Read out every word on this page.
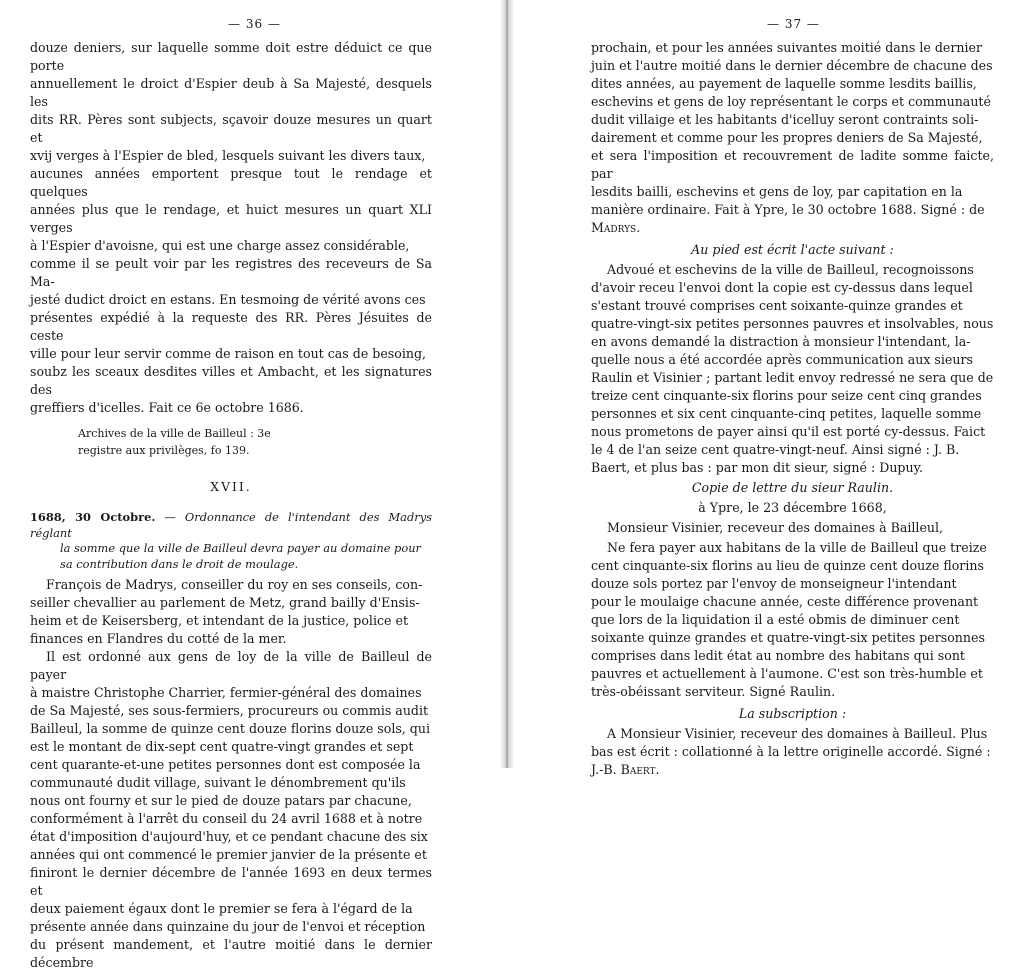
— 36 —

douze deniers, sur laquelle somme doit estre déduict ce que porte

annuellement le droict d'Espier deub à Sa Majesté, desquels les

dits RR. Pères sont subjects, sçavoir douze mesures un quart et

xvij verges à l'Espier de bled, lesquels suivant les divers taux,

aucunes années emportent presque tout le rendage et quelques

années plus que le rendage, et huict mesures un quart XLI verges

à l'Espier d'avoisne, qui est une charge assez considérable,

comme il se peult voir par les registres des receveurs de Sa Ma-

jesté dudict droict en estans. En tesmoing de vérité avons ces

présentes expédié à la requeste des RR. Pères Jésuites de ceste

ville pour leur servir comme de raison en tout cas de besoing,

soubz les sceaux desdites villes et Ambacht, et les signatures des

greffiers d'icelles. Fait ce 6e octobre 1686.

Archives de la ville de Bailleul : 3e

registre aux privilèges, fo 139.

XVII.

1688, 30 Octobre. — Ordonnance de l'intendant des Madrys réglant

la somme que la ville de Bailleul devra payer au domaine pour

sa contribution dans le droit de moulage.

François de Madrys, conseiller du roy en ses conseils, con-

seiller chevallier au parlement de Metz, grand bailly d'Ensis-

heim et de Keisersberg, et intendant de la justice, police et

finances en Flandres du cotté de la mer.

Il est ordonné aux gens de loy de la ville de Bailleul de payer

à maistre Christophe Charrier, fermier-général des domaines

de Sa Majesté, ses sous-fermiers, procureurs ou commis audit

Bailleul, la somme de quinze cent douze florins douze sols, qui

est le montant de dix-sept cent quatre-vingt grandes et sept

cent quarante-et-une petites personnes dont est composée la

communauté dudit village, suivant le dénombrement qu'ils

nous ont fourny et sur le pied de douze patars par chacune,

conformément à l'arrêt du conseil du 24 avril 1688 et à notre

état d'imposition d'aujourd'huy, et ce pendant chacune des six

années qui ont commencé le premier janvier de la présente et

finiront le dernier décembre de l'année 1693 en deux termes et

deux paiement égaux dont le premier se fera à l'égard de la

présente année dans quinzaine du jour de l'envoi et réception

du présent mandement, et l'autre moitié dans le dernier décembre

— 37 —

prochain, et pour les années suivantes moitié dans le dernier

juin et l'autre moitié dans le dernier décembre de chacune des

dites années, au payement de laquelle somme lesdits baillis,

eschevins et gens de loy représentant le corps et communauté

dudit villaige et les habitants d'icelluy seront contraints soli-

dairement et comme pour les propres deniers de Sa Majesté,

et sera l'imposition et recouvrement de ladite somme faicte, par

lesdits bailli, eschevins et gens de loy, par capitation en la

manière ordinaire. Fait à Ypre, le 30 octobre 1688. Signé : de

Madrys.

Au pied est écrit l'acte suivant :

Advoué et eschevins de la ville de Bailleul, recognoissons

d'avoir receu l'envoi dont la copie est cy-dessus dans lequel

s'estant trouvé comprises cent soixante-quinze grandes et

quatre-vingt-six petites personnes pauvres et insolvables, nous

en avons demandé la distraction à monsieur l'intendant, la-

quelle nous a été accordée après communication aux sieurs

Raulin et Visinier ; partant ledit envoy redressé ne sera que de

treize cent cinquante-six florins pour seize cent cinq grandes

personnes et six cent cinquante-cinq petites, laquelle somme

nous prometons de payer ainsi qu'il est porté cy-dessus. Faict

le 4 de l'an seize cent quatre-vingt-neuf. Ainsi signé : J. B.

Baert, et plus bas : par mon dit sieur, signé : Dupuy.

Copie de lettre du sieur Raulin.

à Ypre, le 23 décembre 1668,

Monsieur Visinier, receveur des domaines à Bailleul,

Ne fera payer aux habitans de la ville de Bailleul que treize

cent cinquante-six florins au lieu de quinze cent douze florins

douze sols portez par l'envoy de monseigneur l'intendant

pour le moulaige chacune année, ceste différence provenant

que lors de la liquidation il a esté obmis de diminuer cent

soixante quinze grandes et quatre-vingt-six petites personnes

comprises dans ledit état au nombre des habitans qui sont

pauvres et actuellement à l'aumone. C'est son très-humble et

très-obéissant serviteur. Signé Raulin.

La subscription :

A Monsieur Visinier, receveur des domaines à Bailleul. Plus

bas est écrit : collationné à la lettre originelle accordé. Signé :

J.-B. Baert.
